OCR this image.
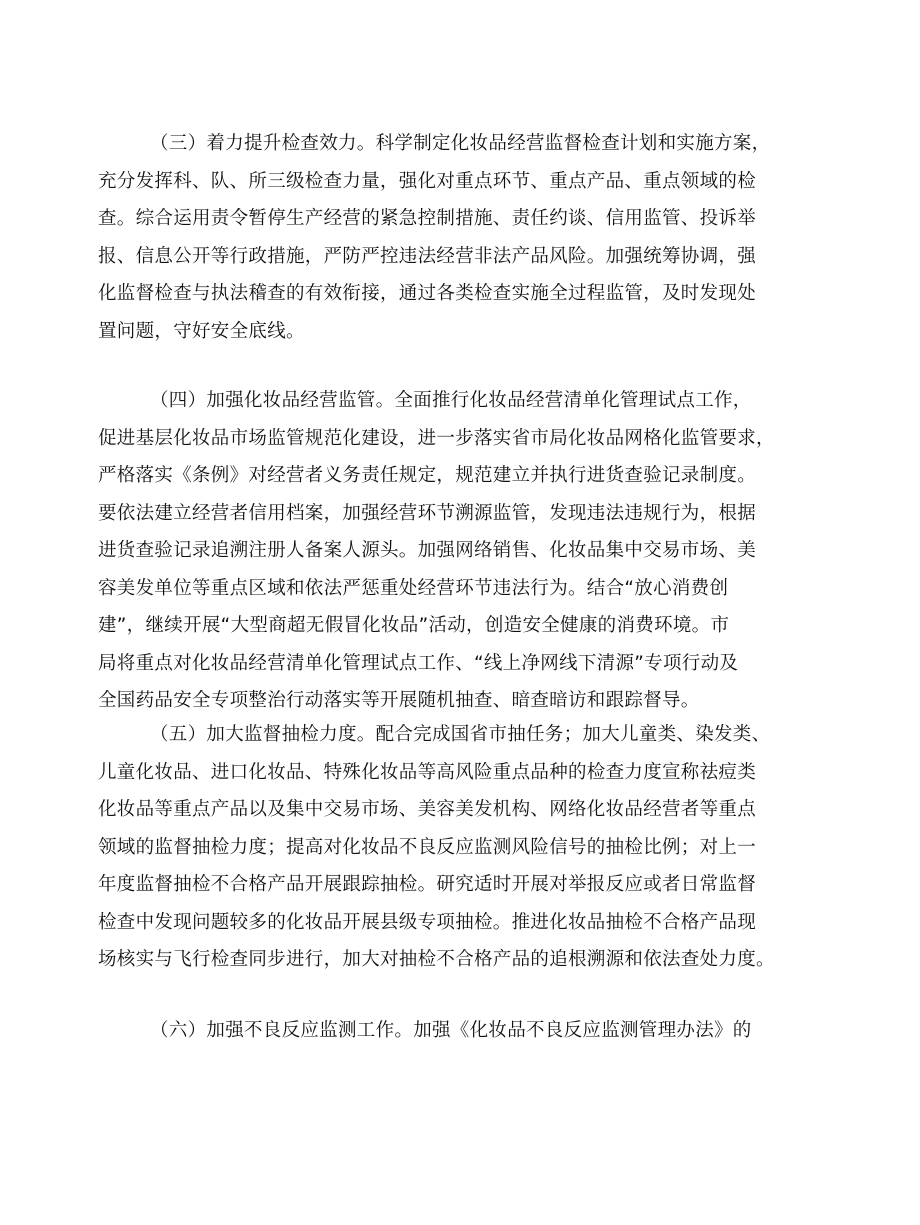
（三）着力提升检查效力。科学制定化妆品经营监督检查计划和实施方案，
充分发挥科、队、所三级检查力量，强化对重点环节、重点产品、重点领域的检
查。综合运用责令暂停生产经营的紧急控制措施、责任约谈、信用监管、投诉举
报、信息公开等行政措施，严防严控违法经营非法产品风险。加强统筹协调，强
化监督检查与执法稽查的有效衔接，通过各类检查实施全过程监管，及时发现处
置问题，守好安全底线。
（四）加强化妆品经营监管。全面推行化妆品经营清单化管理试点工作，
促进基层化妆品市场监管规范化建设，进一步落实省市局化妆品网格化监管要求，
严格落实《条例》对经营者义务责任规定，规范建立并执行进货查验记录制度。
要依法建立经营者信用档案，加强经营环节溯源监管，发现违法违规行为，根据
进货查验记录追溯注册人备案人源头。加强网络销售、化妆品集中交易市场、美
容美发单位等重点区域和依法严惩重处经营环节违法行为。结合“放心消费创
建”，继续开展“大型商超无假冒化妆品”活动，创造安全健康的消费环境。市
局将重点对化妆品经营清单化管理试点工作、“线上净网线下清源”专项行动及
全国药品安全专项整治行动落实等开展随机抽查、暗查暗访和跟踪督导。
（五）加大监督抽检力度。配合完成国省市抽任务；加大儿童类、染发类、
儿童化妆品、进口化妆品、特殊化妆品等高风险重点品种的检查力度宣称祛痘类
化妆品等重点产品以及集中交易市场、美容美发机构、网络化妆品经营者等重点
领域的监督抽检力度；提高对化妆品不良反应监测风险信号的抽检比例；对上一
年度监督抽检不合格产品开展跟踪抽检。研究适时开展对举报反应或者日常监督
检查中发现问题较多的化妆品开展县级专项抽检。推进化妆品抽检不合格产品现
场核实与飞行检查同步进行，加大对抽检不合格产品的追根溯源和依法查处力度。
（六）加强不良反应监测工作。加强《化妆品不良反应监测管理办法》的
